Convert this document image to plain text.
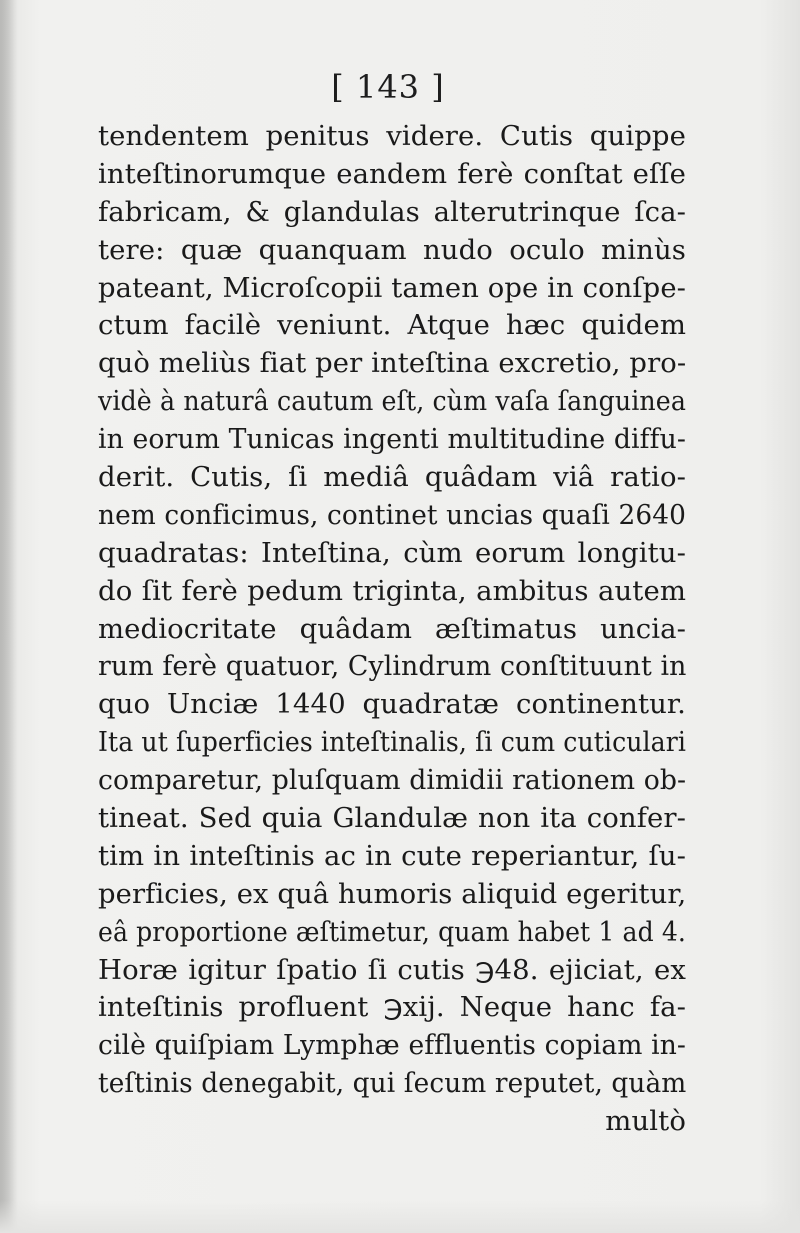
[ 143 ]
tendentem penitus videre. Cutis quippe
inteſtinorumque eandem ferè conſtat eſſe
fabricam, & glandulas alterutrinque ſca-
tere: quæ quanquam nudo oculo minùs
pateant, Microſcopii tamen ope in conſpe-
ctum facilè veniunt. Atque hæc quidem
quò meliùs fiat per inteſtina excretio, pro-
vidè à naturâ cautum eſt, cùm vaſa ſanguinea
in eorum Tunicas ingenti multitudine diffu-
derit. Cutis, ſi mediâ quâdam viâ ratio-
nem conficimus, continet uncias quaſi 2640
quadratas: Inteſtina, cùm eorum longitu-
do ſit ferè pedum triginta, ambitus autem
mediocritate quâdam æſtimatus uncia-
rum ferè quatuor, Cylindrum conſtituunt in
quo Unciæ 1440 quadratæ continentur.
Ita ut ſuperficies inteſtinalis, ſi cum cuticulari
comparetur, pluſquam dimidii rationem ob-
tineat. Sed quia Glandulæ non ita confer-
tim in inteſtinis ac in cute reperiantur, ſu-
perficies, ex quâ humoris aliquid egeritur,
eâ proportione æſtimetur, quam habet 1 ad 4.
Horæ igitur ſpatio ſi cutis ℈48. ejiciat, ex
inteſtinis profluent ℈xij. Neque hanc fa-
cilè quiſpiam Lymphæ effluentis copiam in-
teſtinis denegabit, qui ſecum reputet, quàm
multò
